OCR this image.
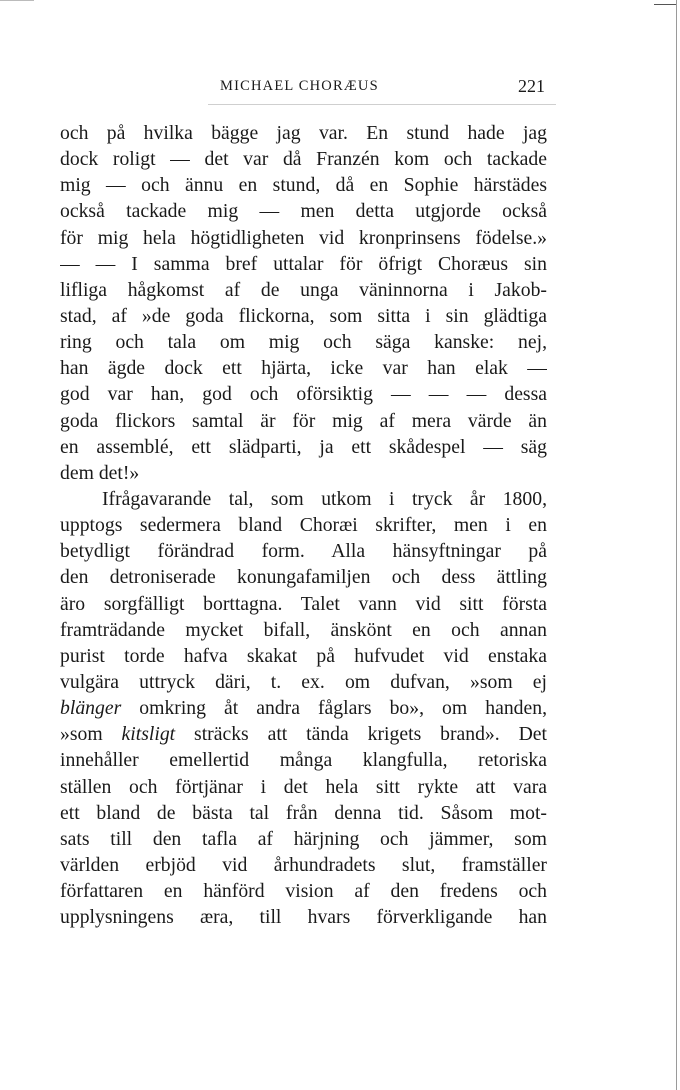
MICHAEL CHORÆUS	221
och på hvilka bägge jag var. En stund hade jag
dock roligt — det var då Franzén kom och tackade
mig — och ännu en stund, då en Sophie härstädes
också tackade mig — men detta utgjorde också
för mig hela högtidligheten vid kronprinsens födelse.»
— — I samma bref uttalar för öfrigt Choræus sin
lifliga hågkomst af de unga väninnorna i Jakob-
stad, af »de goda flickorna, som sitta i sin glädtiga
ring och tala om mig och säga kanske: nej,
han ägde dock ett hjärta, icke var han elak —
god var han, god och oförsiktig — — — dessa
goda flickors samtal är för mig af mera värde än
en assemblé, ett slädparti, ja ett skådespel — säg
dem det!»
Ifrågavarande tal, som utkom i tryck år 1800,
upptogs sedermera bland Choræi skrifter, men i en
betydligt förändrad form. Alla hänsyftningar på
den detroniserade konungafamiljen och dess ättling
äro sorgfälligt borttagna. Talet vann vid sitt första
framträdande mycket bifall, änskönt en och annan
purist torde hafva skakat på hufvudet vid enstaka
vulgära uttryck däri, t. ex. om dufvan, »som ej
blänger omkring åt andra fåglars bo», om handen,
»som kitsligt sträcks att tända krigets brand». Det
innehåller emellertid många klangfulla, retoriska
ställen och förtjänar i det hela sitt rykte att vara
ett bland de bästa tal från denna tid. Såsom mot-
sats till den tafla af härjning och jämmer, som
världen erbjöd vid århundradets slut, framställer
författaren en hänförd vision af den fredens och
upplysningens æra, till hvars förverkligande han
